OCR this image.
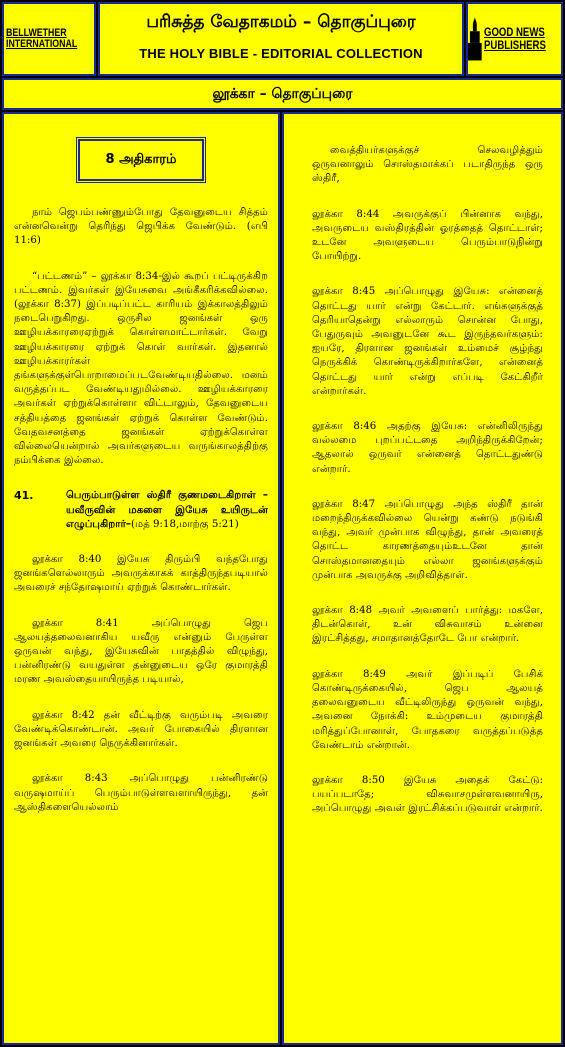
BELLWETHER
INTERNATIONAL
பரிசுத்த வேதாகமம் – தொகுப்புரை
THE HOLY BIBLE - EDITORIAL COLLECTION
GOOD NEWS
PUBLISHERS
லூக்கா – தொகுப்புரை
8 அதிகாரம்

நாம் ஜெபம்பண்ணும்போது தேவனுடைய சித்தம் என்னவென்று தெரிந்து ஜெபிக்க வேண்டும். (எபி 11:6)

“பட்டணம்” – லூக்கா 8:34-இல் கூறப் பட்டிருக்கிற பட்டணம். இவர்கள் இயேசுவை அங்கீகரிக்கவில்லை. (லூக்கா 8:37) இப்படிப்பட்ட காரியம் இக்காலத்திலும் நடைபெறுகிறது. ஒருசில ஜனங்கள் ஒரு ஊழியக்காரரைஏற்றுக் கொள்ளமாட்டார்கள். வேறு ஊழியக்காரரை ஏற்றுக் கொள் வார்கள். இதனால் ஊழியக்காரர்கள் தங்களுக்குள்பொறாமைப்படவேண்டியதில்லை. மனம் வருத்தப்பட வேண்டியதுமில்லை. ஊழியக்காரரை அவர்கள் ஏற்றுக்கொள்ளா விட்டாலும், தேவனுடைய சத்தியத்தை ஜனங்கள் ஏற்றுக் கொள்ள வேண்டும். வேதவசனத்தை ஜனங்கள் ஏற்றுக்கொள்ள வில்லையென்றால் அவர்களுடைய வருங்காலத்திற்கு நம்பிக்கை இல்லை.

41.	பெரும்பாடுள்ள ஸ்திரீ குணமடைகிறாள் – யவீருவின் மகளை இயேசு உயிருடன் எழுப்புகிறார்–(மத் 9:18,மாற்கு 5:21)

லூக்கா 8:40 இயேசு திரும்பி வந்தபோது ஜனங்களெல்லாரும் அவருக்காகக் காத்திருந்தபடியால் அவரைச் சந்தோஷமாய் ஏற்றுக் கொண்டார்கள்.

லூக்கா 8:41 அப்பொழுது ஜெப ஆலயத்தலைவனாகிய யவீரு என்னும் பேருள்ள ஒருவன் வந்து, இயேசுவின் பாதத்தில் விழுந்து, பன்னிரண்டு வயதுள்ள தன்னுடைய ஒரே குமாரத்தி மரண அவஸ்தையாயிருந்த படியால்,

லூக்கா 8:42 தன் வீட்டிற்கு வரும்படி அவரை வேண்டிக்கொண்டான். அவர் போகையில் திரளான ஜனங்கள் அவரை நெருக்கினார்கள்.

லூக்கா 8:43 அப்பொழுது பன்னிரண்டு வருஷமாய்ப் பெரும்பாடுள்ளவளாயிருந்து, தன் ஆஸ்திகளையெல்லாம்

வைத்தியர்களுக்குச் செலவழித்தும் ஒருவனாலும் சொஸ்தமாக்கப் படாதிருந்த ஒரு ஸ்திரீ,

லூக்கா 8:44 அவருக்குப் பின்னாக வந்து, அவருடைய வஸ்திரத்தின் ஓரத்தைத் தொட்டாள்; உடனே அவளுடைய பெரும்பாடுநின்று போயிற்று.

லூக்கா 8:45 அப்பொழுது இயேசு: என்னைத் தொட்டது யார் என்று கேட்டார். எங்களுக்குத் தெரியாதென்று எல்லாரும் சொன்ன போது, பேதுருவும் அவனுடனே கூட இருந்தவர்களும்: ஐயரே, திரளான ஜனங்கள் உம்மைச் சூழ்ந்து நெருக்கிக் கொண்டிருக்கிறார்களே, என்னைத் தொட்டது யார் என்று எப்படி கேட்கிறீர் என்றார்கள்.

லூக்கா 8:46 அதற்கு இயேசு: என்னிலிருந்து வல்லமை புறப்பட்டதை அறிந்திருக்கிறேன்; ஆதலால் ஒருவர் என்னைத் தொட்டதுண்டு என்றார்.

லூக்கா 8:47 அப்பொழுது அந்த ஸ்திரீ தான் மறைந்திருக்கவில்லை யென்று கண்டு நடுங்கி வந்து, அவர் முன்பாக விழுந்து, தான் அவரைத் தொட்ட காரணத்தையும்உடனே தான் சொஸ்தமானதையும் எல்லா ஜனங்களுக்கும் முன்பாக அவருக்கு அறிவித்தாள்.

லூக்கா 8:48 அவர் அவளைப் பார்த்து: மகளே, திடன்கொள், உன் விசுவாசம் உன்னை இரட்சித்தது, சமாதானத்தோடே போ என்றார்.

லூக்கா 8:49 அவர் இப்படிப் பேசிக் கொண்டிருக்கையில், ஜெப ஆலயத் தலைவனுடைய வீட்டிலிருந்து ஒருவன் வந்து, அவனை நோக்கி: உம்முடைய குமாரத்தி மரித்துப்போனாள், போதகரை வருத்தப்படுத்த வேண்டாம் என்றான்.

லூக்கா 8:50 இயேசு அதைக் கேட்டு: பயப்படாதே; விசுவாசமுள்ளவனாயிரு, அப்பொழுது அவள் இரட்சிக்கப்படுவாள் என்றார்.
